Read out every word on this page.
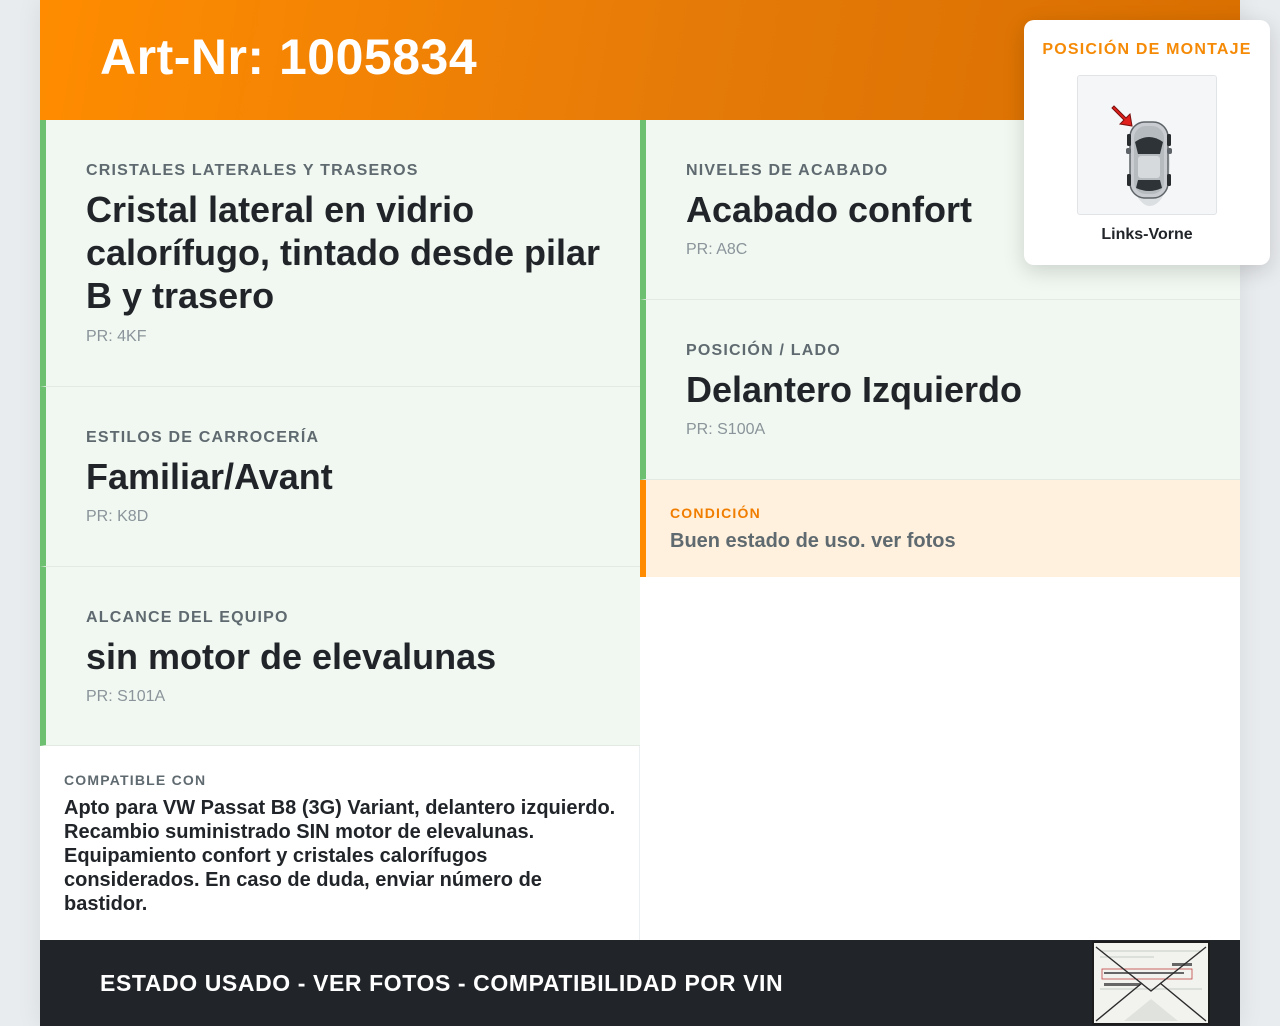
Art-Nr: 1005834
CRISTALES LATERALES Y TRASEROS
Cristal lateral en vidrio calorífugo, tintado desde pilar B y trasero
PR: 4KF
ESTILOS DE CARROCERÍA
Familiar/Avant
PR: K8D
ALCANCE DEL EQUIPO
sin motor de elevalunas
PR: S101A
NIVELES DE ACABADO
Acabado confort
PR: A8C
POSICIÓN / LADO
Delantero Izquierdo
PR: S100A
CONDICIÓN
Buen estado de uso. ver fotos
COMPATIBLE CON
Apto para VW Passat B8 (3G) Variant, delantero izquierdo. Recambio suministrado SIN motor de elevalunas. Equipamiento confort y cristales calorífugos considerados. En caso de duda, enviar número de bastidor.
ESTADO USADO - VER FOTOS - COMPATIBILIDAD POR VIN
POSICIÓN DE MONTAJE
Links-Vorne
